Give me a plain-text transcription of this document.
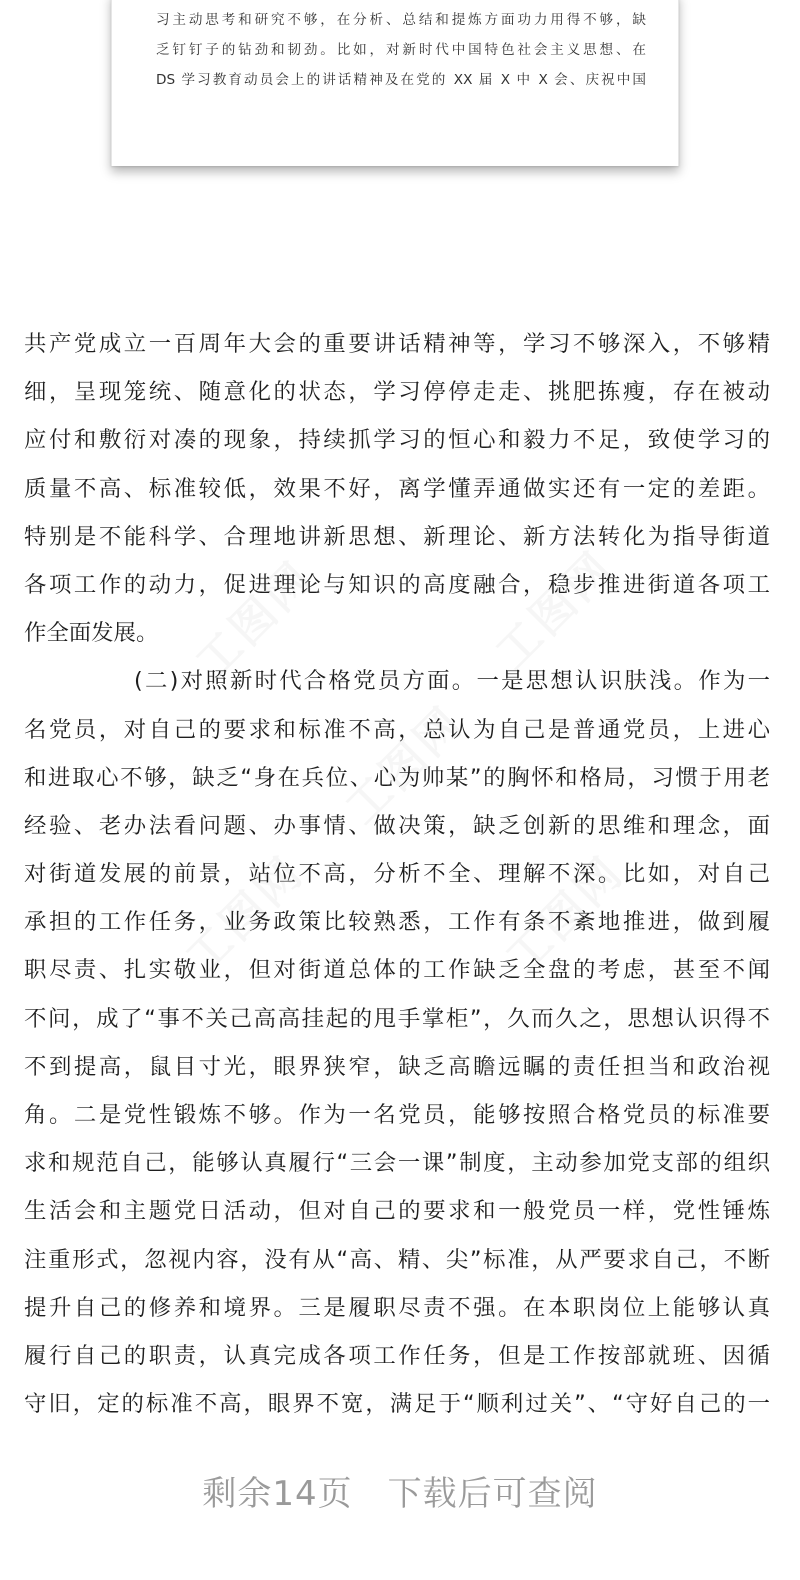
习主动思考和研究不够，在分析、总结和提炼方面功力用得不够，缺
乏钉钉子的钻劲和韧劲。比如，对新时代中国特色社会主义思想、在
DS 学习教育动员会上的讲话精神及在党的 XX 届 X 中 X 会、庆祝中国
共产党成立一百周年大会的重要讲话精神等，学习不够深入，不够精
细，呈现笼统、随意化的状态，学习停停走走、挑肥拣瘦，存在被动
应付和敷衍对凑的现象，持续抓学习的恒心和毅力不足，致使学习的
质量不高、标准较低，效果不好，离学懂弄通做实还有一定的差距。
特别是不能科学、合理地讲新思想、新理论、新方法转化为指导街道
各项工作的动力，促进理论与知识的高度融合，稳步推进街道各项工
作全面发展。
(二)对照新时代合格党员方面。一是思想认识肤浅。作为一
名党员，对自己的要求和标准不高，总认为自己是普通党员，上进心
和进取心不够，缺乏“身在兵位、心为帅某”的胸怀和格局，习惯于用老
经验、老办法看问题、办事情、做决策，缺乏创新的思维和理念，面
对街道发展的前景，站位不高，分析不全、理解不深。比如，对自己
承担的工作任务，业务政策比较熟悉，工作有条不紊地推进，做到履
职尽责、扎实敬业，但对街道总体的工作缺乏全盘的考虑，甚至不闻
不问，成了“事不关己高高挂起的甩手掌柜”，久而久之，思想认识得不
不到提高，鼠目寸光，眼界狭窄，缺乏高瞻远瞩的责任担当和政治视
角。二是党性锻炼不够。作为一名党员，能够按照合格党员的标准要
求和规范自己，能够认真履行“三会一课”制度，主动参加党支部的组织
生活会和主题党日活动，但对自己的要求和一般党员一样，党性锤炼
注重形式，忽视内容，没有从“高、精、尖”标准，从严要求自己，不断
提升自己的修养和境界。三是履职尽责不强。在本职岗位上能够认真
履行自己的职责，认真完成各项工作任务，但是工作按部就班、因循
守旧，定的标准不高，眼界不宽，满足于“顺利过关”、“守好自己的一
剩余14页　下载后可查阅
